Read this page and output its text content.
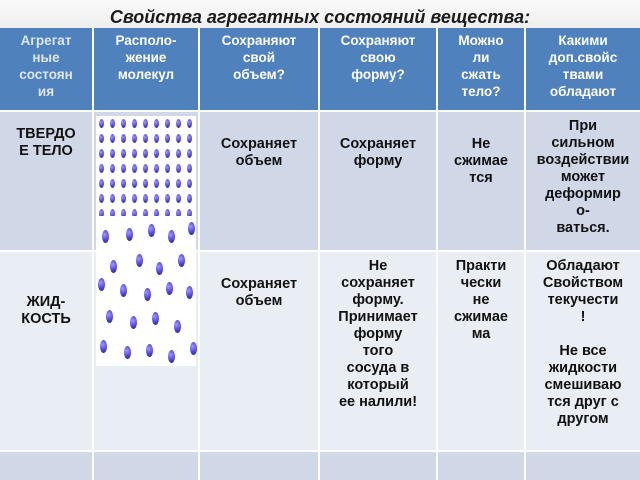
Свойства агрегатных состояний вещества:
Агрегат
ные
состоян
ия
Располо-
жение
молекул
Сохраняют
свой
объем?
Сохраняют
свою
форму?
Можно
ли
сжать
тело?
Какими
доп.свойс
твами
обладают
ТВЕРДО
Е ТЕЛО	Сохраняет
объем
Сохраняет
форму
Не
сжимае
тся
При
сильном
воздействии
может
деформир
о-
ваться.
ЖИД-
КОСТЬ
Сохраняет
объем
Не
сохраняет
форму.
Принимает
форму
того
сосуда в
который
ее налили!
Практи
чески
не
сжимае
ма
Обладают
Свойством
текучести
!

Не все
жидкости
смешиваю
тся друг с
другом
